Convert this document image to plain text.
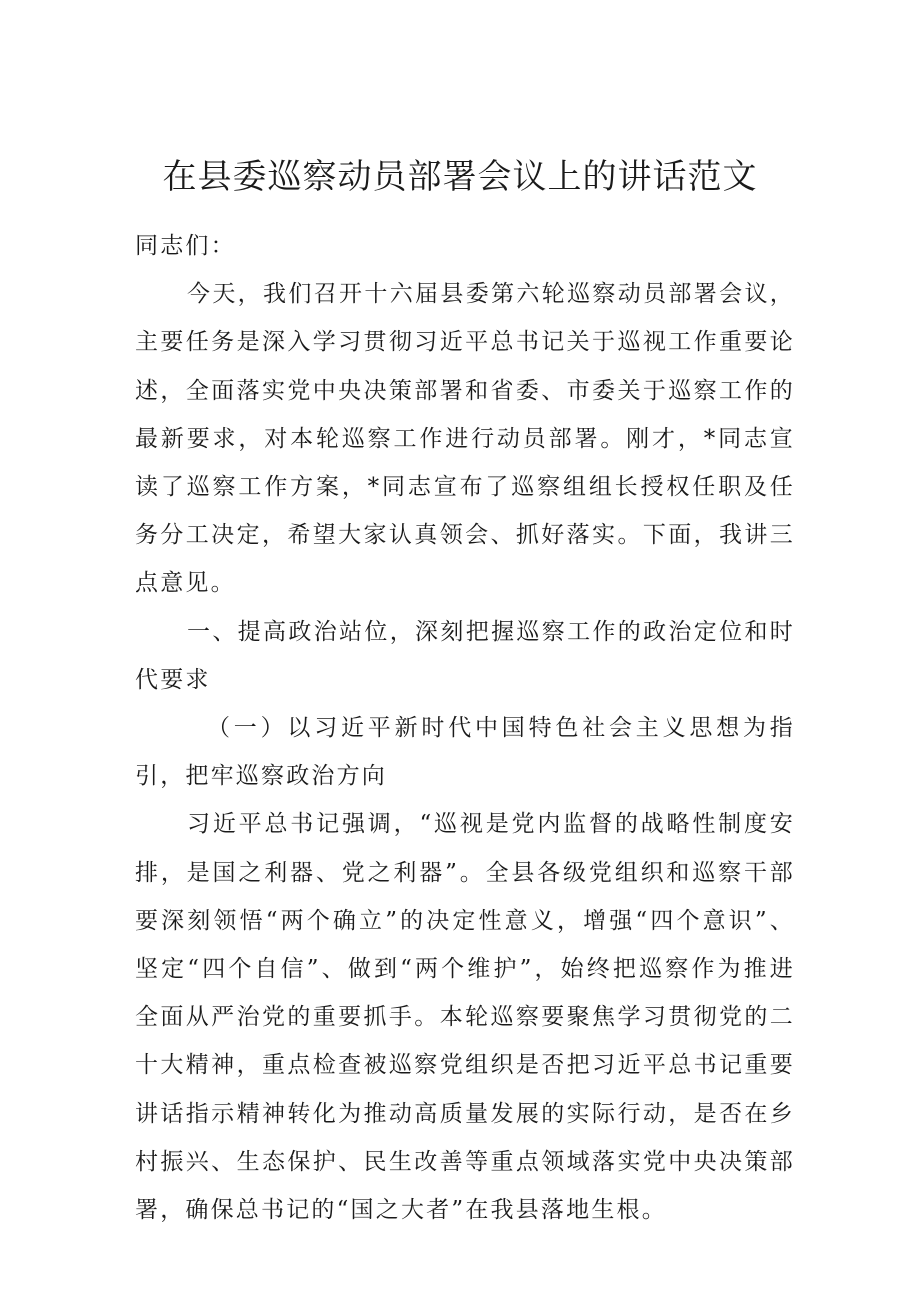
在县委巡察动员部署会议上的讲话范文

同志们：

今天，我们召开十六届县委第六轮巡察动员部署会议，主要任务是深入学习贯彻习近平总书记关于巡视工作重要论述，全面落实党中央决策部署和省委、市委关于巡察工作的最新要求，对本轮巡察工作进行动员部署。刚才，*同志宣读了巡察工作方案，*同志宣布了巡察组组长授权任职及任务分工决定，希望大家认真领会、抓好落实。下面，我讲三点意见。

一、提高政治站位，深刻把握巡察工作的政治定位和时代要求

（一）以习近平新时代中国特色社会主义思想为指引，把牢巡察政治方向

习近平总书记强调，“巡视是党内监督的战略性制度安排，是国之利器、党之利器”。全县各级党组织和巡察干部要深刻领悟“两个确立”的决定性意义，增强“四个意识”、坚定“四个自信”、做到“两个维护”，始终把巡察作为推进全面从严治党的重要抓手。本轮巡察要聚焦学习贯彻党的二十大精神，重点检查被巡察党组织是否把习近平总书记重要讲话指示精神转化为推动高质量发展的实际行动，是否在乡村振兴、生态保护、民生改善等重点领域落实党中央决策部署，确保总书记的“国之大者”在我县落地生根。
